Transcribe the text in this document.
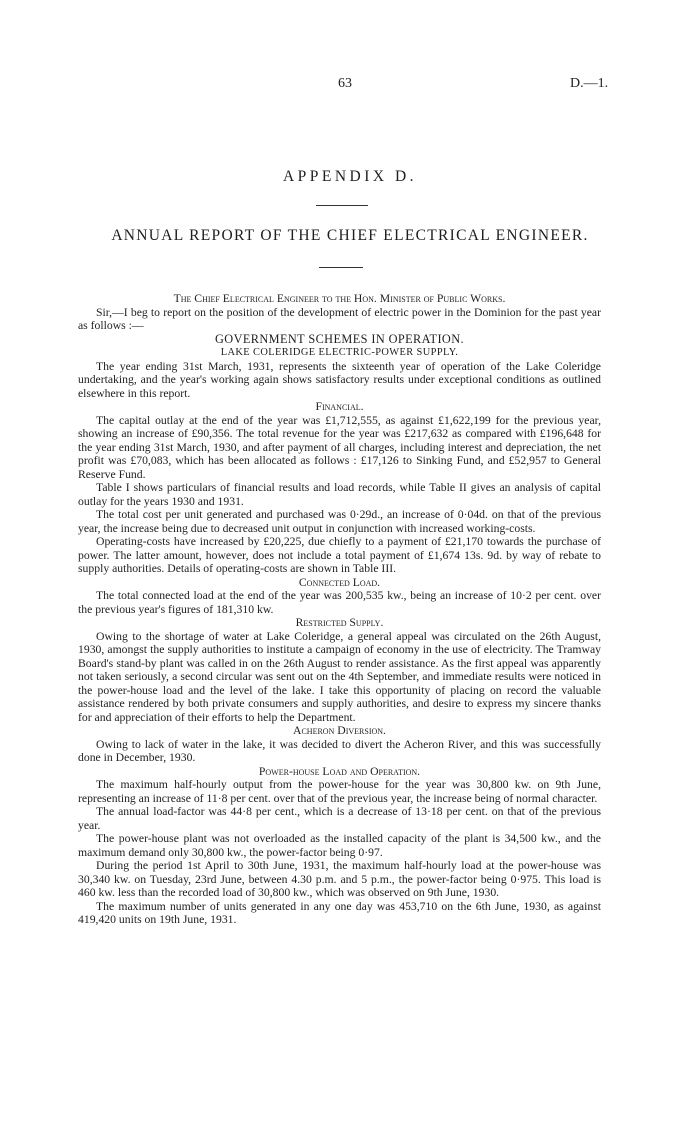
63	D.—1.
APPENDIX D.
ANNUAL REPORT OF THE CHIEF ELECTRICAL ENGINEER.

The Chief Electrical Engineer to the Hon. Minister of Public Works.

Sir,—I beg to report on the position of the development of electric power in the Dominion for the past year as follows :—

GOVERNMENT SCHEMES IN OPERATION.

LAKE COLERIDGE ELECTRIC-POWER SUPPLY.

The year ending 31st March, 1931, represents the sixteenth year of operation of the Lake Coleridge undertaking, and the year's working again shows satisfactory results under exceptional conditions as outlined elsewhere in this report.

Financial.

The capital outlay at the end of the year was £1,712,555, as against £1,622,199 for the previous year, showing an increase of £90,356. The total revenue for the year was £217,632 as compared with £196,648 for the year ending 31st March, 1930, and after payment of all charges, including interest and depreciation, the net profit was £70,083, which has been allocated as follows : £17,126 to Sinking Fund, and £52,957 to General Reserve Fund.

Table I shows particulars of financial results and load records, while Table II gives an analysis of capital outlay for the years 1930 and 1931.

The total cost per unit generated and purchased was 0·29d., an increase of 0·04d. on that of the previous year, the increase being due to decreased unit output in conjunction with increased working-costs.

Operating-costs have increased by £20,225, due chiefly to a payment of £21,170 towards the purchase of power. The latter amount, however, does not include a total payment of £1,674 13s. 9d. by way of rebate to supply authorities. Details of operating-costs are shown in Table III.

Connected Load.

The total connected load at the end of the year was 200,535 kw., being an increase of 10·2 per cent. over the previous year's figures of 181,310 kw.

Restricted Supply.

Owing to the shortage of water at Lake Coleridge, a general appeal was circulated on the 26th August, 1930, amongst the supply authorities to institute a campaign of economy in the use of electricity. The Tramway Board's stand-by plant was called in on the 26th August to render assistance. As the first appeal was apparently not taken seriously, a second circular was sent out on the 4th September, and immediate results were noticed in the power-house load and the level of the lake. I take this opportunity of placing on record the valuable assistance rendered by both private consumers and supply authorities, and desire to express my sincere thanks for and appreciation of their efforts to help the Department.

Acheron Diversion.

Owing to lack of water in the lake, it was decided to divert the Acheron River, and this was successfully done in December, 1930.

Power-house Load and Operation.

The maximum half-hourly output from the power-house for the year was 30,800 kw. on 9th June, representing an increase of 11·8 per cent. over that of the previous year, the increase being of normal character.

The annual load-factor was 44·8 per cent., which is a decrease of 13·18 per cent. on that of the previous year.

The power-house plant was not overloaded as the installed capacity of the plant is 34,500 kw., and the maximum demand only 30,800 kw., the power-factor being 0·97.

During the period 1st April to 30th June, 1931, the maximum half-hourly load at the power-house was 30,340 kw. on Tuesday, 23rd June, between 4.30 p.m. and 5 p.m., the power-factor being 0·975. This load is 460 kw. less than the recorded load of 30,800 kw., which was observed on 9th June, 1930.

The maximum number of units generated in any one day was 453,710 on the 6th June, 1930, as against 419,420 units on 19th June, 1931.
